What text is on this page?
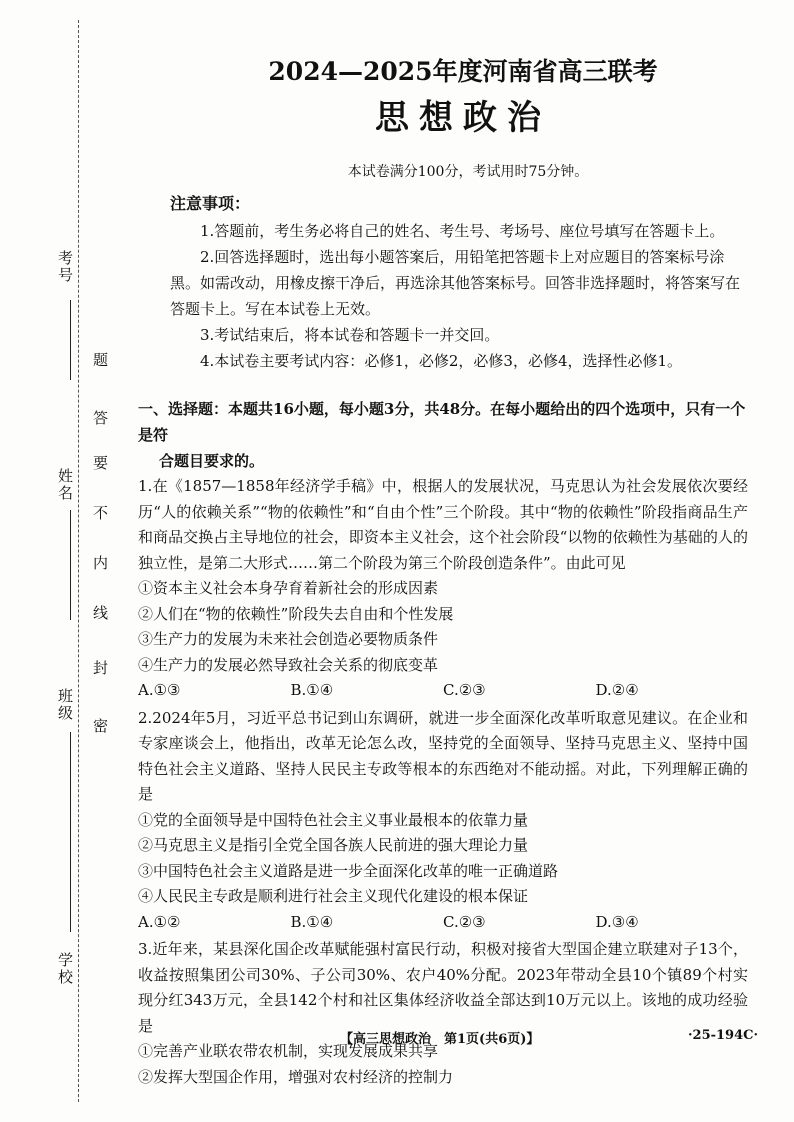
考号
姓名
班级
学校
密
封
线
内
不
要
答
题
2024—2025年度河南省高三联考
思想政治
本试卷满分100分，考试用时75分钟。
注意事项：

1.答题前，考生务必将自己的姓名、考生号、考场号、座位号填写在答题卡上。

2.回答选择题时，选出每小题答案后，用铅笔把答题卡上对应题目的答案标号涂

黑。如需改动，用橡皮擦干净后，再选涂其他答案标号。回答非选择题时，将答案写在

答题卡上。写在本试卷上无效。

3.考试结束后，将本试卷和答题卡一并交回。

4.本试卷主要考试内容：必修1，必修2，必修3，必修4，选择性必修1。

一、选择题：本题共16小题，每小题3分，共48分。在每小题给出的四个选项中，只有一个是符
合题目要求的。

1.在《1857—1858年经济学手稿》中，根据人的发展状况，马克思认为社会发展依次要经历“人的依赖关系”“物的依赖性”和“自由个性”三个阶段。其中“物的依赖性”阶段指商品生产和商品交换占主导地位的社会，即资本主义社会，这个社会阶段“以物的依赖性为基础的人的独立性，是第二大形式……第二个阶段为第三个阶段创造条件”。由此可见

①资本主义社会本身孕育着新社会的形成因素

②人们在“物的依赖性”阶段失去自由和个性发展

③生产力的发展为未来社会创造必要物质条件

④生产力的发展必然导致社会关系的彻底变革

A.①③	B.①④	C.②③	D.②④

2.2024年5月，习近平总书记到山东调研，就进一步全面深化改革听取意见建议。在企业和专家座谈会上，他指出，改革无论怎么改，坚持党的全面领导、坚持马克思主义、坚持中国特色社会主义道路、坚持人民民主专政等根本的东西绝对不能动摇。对此，下列理解正确的是

①党的全面领导是中国特色社会主义事业最根本的依靠力量

②马克思主义是指引全党全国各族人民前进的强大理论力量

③中国特色社会主义道路是进一步全面深化改革的唯一正确道路

④人民民主专政是顺利进行社会主义现代化建设的根本保证

A.①②	B.①④	C.②③	D.③④

3.近年来，某县深化国企改革赋能强村富民行动，积极对接省大型国企建立联建对子13个，收益按照集团公司30%、子公司30%、农户40%分配。2023年带动全县10个镇89个村实现分红343万元，全县142个村和社区集体经济收益全部达到10万元以上。该地的成功经验是

①完善产业联农带农机制，实现发展成果共享

②发挥大型国企作用，增强对农村经济的控制力

【高三思想政治　第1页(共6页)】	·25-194C·
